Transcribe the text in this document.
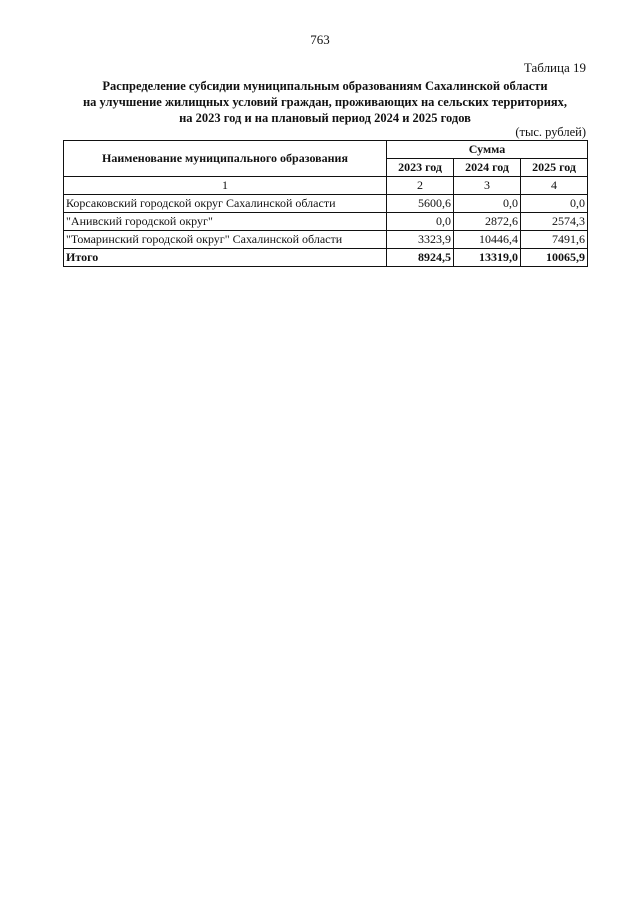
763
Таблица 19
Распределение субсидии муниципальным образованиям Сахалинской области
на улучшение жилищных условий граждан, проживающих на сельских территориях,
на 2023 год и на плановый период 2024 и 2025 годов
(тыс. рублей)
Наименование муниципального образования	Сумма		
	2023 год	2024 год	2025 год
1	2	3	4
Корсаковский городской округ Сахалинской области	5600,6	0,0	0,0
"Анивский городской округ"	0,0	2872,6	2574,3
"Томаринский городской округ" Сахалинской области	3323,9	10446,4	7491,6
Итого	8924,5	13319,0	10065,9
